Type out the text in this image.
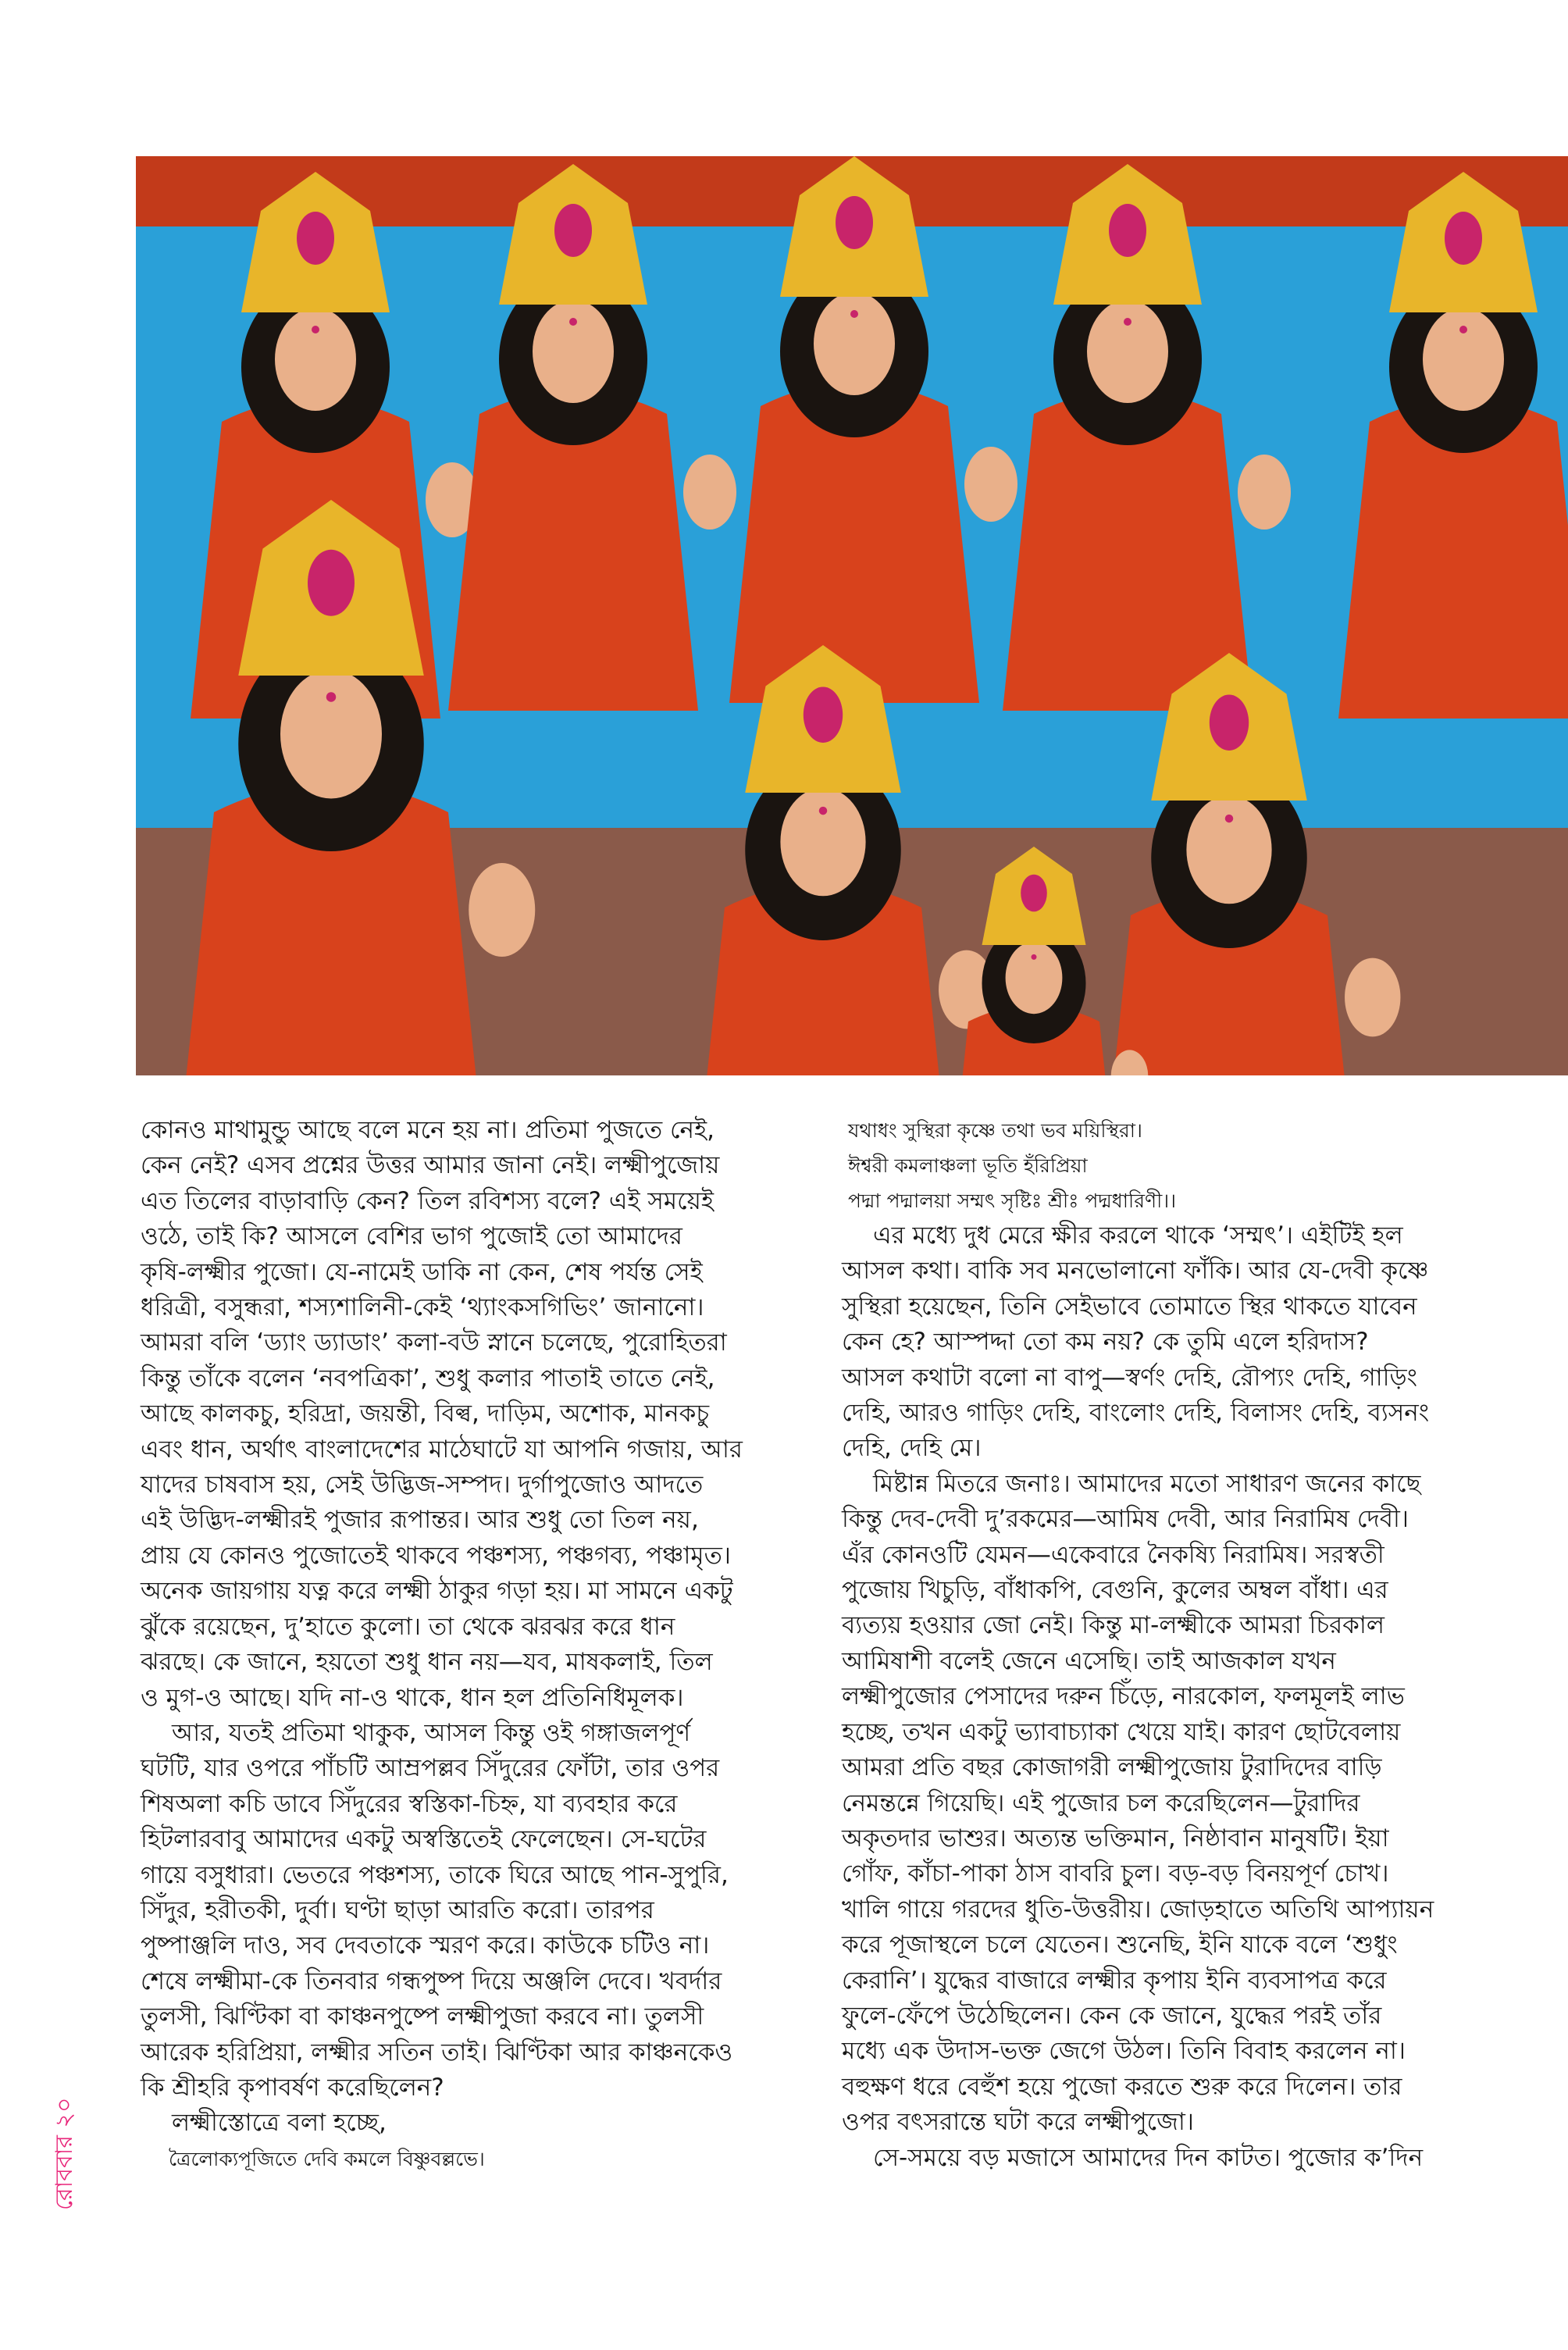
কোনও মাথামুন্ডু আছে বলে মনে হয় না। প্রতিমা পুজতে নেই,
কেন নেই? এসব প্রশ্নের উত্তর আমার জানা নেই। লক্ষ্মীপুজোয়
এত তিলের বাড়াবাড়ি কেন? তিল রবিশস্য বলে? এই সময়েই
ওঠে, তাই কি? আসলে বেশির ভাগ পুজোই তো আমাদের
কৃষি-লক্ষ্মীর পুজো। যে-নামেই ডাকি না কেন, শেষ পর্যন্ত সেই
ধরিত্রী, বসুন্ধরা, শস্যশালিনী-কেই ‘থ্যাংকসগিভিং’ জানানো।
আমরা বলি ‘ড্যাং ড্যাডাং’ কলা-বউ স্নানে চলেছে, পুরোহিতরা
কিন্তু তাঁকে বলেন ‘নবপত্রিকা’, শুধু কলার পাতাই তাতে নেই,
আছে কালকচু, হরিদ্রা, জয়ন্তী, বিল্ব, দাড়িম, অশোক, মানকচু
এবং ধান, অর্থাৎ বাংলাদেশের মাঠেঘাটে যা আপনি গজায়, আর
যাদের চাষবাস হয়, সেই উদ্ভিজ-সম্পদ। দুর্গাপুজোও আদতে
এই উদ্ভিদ-লক্ষ্মীরই পুজার রূপান্তর। আর শুধু তো তিল নয়,
প্রায় যে কোনও পুজোতেই থাকবে পঞ্চশস্য, পঞ্চগব্য, পঞ্চামৃত।
অনেক জায়গায় যত্ন করে লক্ষ্মী ঠাকুর গড়া হয়। মা সামনে একটু
ঝুঁকে রয়েছেন, দু’হাতে কুলো। তা থেকে ঝরঝর করে ধান
ঝরছে। কে জানে, হয়তো শুধু ধান নয়—যব, মাষকলাই, তিল
ও মুগ-ও আছে। যদি না-ও থাকে, ধান হল প্রতিনিধিমূলক।
আর, যতই প্রতিমা থাকুক, আসল কিন্তু ওই গঙ্গাজলপূর্ণ
ঘটটি, যার ওপরে পাঁচটি আম্রপল্লব সিঁদুরের ফোঁটা, তার ওপর
শিষঅলা কচি ডাবে সিঁদুরের স্বস্তিকা-চিহ্ন, যা ব্যবহার করে
হিটলারবাবু আমাদের একটু অস্বস্তিতেই ফেলেছেন। সে-ঘটের
গায়ে বসুধারা। ভেতরে পঞ্চশস্য, তাকে ঘিরে আছে পান-সুপুরি,
সিঁদুর, হরীতকী, দুর্বা। ঘণ্টা ছাড়া আরতি করো। তারপর
পুষ্পাঞ্জলি দাও, সব দেবতাকে স্মরণ করে। কাউকে চটিও না।
শেষে লক্ষ্মীমা-কে তিনবার গন্ধপুষ্প দিয়ে অঞ্জলি দেবে। খবর্দার
তুলসী, ঝিণ্টিকা বা কাঞ্চনপুষ্পে লক্ষ্মীপুজা করবে না। তুলসী
আরেক হরিপ্রিয়া, লক্ষ্মীর সতিন তাই। ঝিণ্টিকা আর কাঞ্চনকেও
কি শ্রীহরি কৃপাবর্ষণ করেছিলেন?
লক্ষ্মীস্তোত্রে বলা হচ্ছে,
ত্রৈলোক্যপূজিতে দেবি কমলে বিষ্ণুবল্লভে।
যথাধং সুস্থিরা কৃষ্ণে তথা ভব ময়িস্থিরা।
ঈশ্বরী কমলাঞ্চলা ভূতি হঁরিপ্রিয়া
পদ্মা পদ্মালয়া সম্মৎ সৃষ্টিঃ শ্রীঃ পদ্মধারিণী।।
এর মধ্যে দুধ মেরে ক্ষীর করলে থাকে ‘সম্মৎ’। এইটিই হল
আসল কথা। বাকি সব মনভোলানো ফাঁকি। আর যে-দেবী কৃষ্ণে
সুস্থিরা হয়েছেন, তিনি সেইভাবে তোমাতে স্থির থাকতে যাবেন
কেন হে? আস্পদ্দা তো কম নয়? কে তুমি এলে হরিদাস?
আসল কথাটা বলো না বাপু—স্বর্ণং দেহি, রৌপ্যং দেহি, গাড়িং
দেহি, আরও গাড়িং দেহি, বাংলোং দেহি, বিলাসং দেহি, ব্যসনং
দেহি, দেহি মে।
মিষ্টান্ন মিতরে জনাঃ। আমাদের মতো সাধারণ জনের কাছে
কিন্তু দেব-দেবী দু’রকমের—আমিষ দেবী, আর নিরামিষ দেবী।
এঁর কোনওটি যেমন—একেবারে নৈকষ্যি নিরামিষ। সরস্বতী
পুজোয় খিচুড়ি, বাঁধাকপি, বেগুনি, কুলের অম্বল বাঁধা। এর
ব্যত্যয় হওয়ার জো নেই। কিন্তু মা-লক্ষ্মীকে আমরা চিরকাল
আমিষাশী বলেই জেনে এসেছি। তাই আজকাল যখন
লক্ষ্মীপুজোর পেসাদের দরুন চিঁড়ে, নারকোল, ফলমূলই লাভ
হচ্ছে, তখন একটু ভ্যাবাচ্যাকা খেয়ে যাই। কারণ ছোটবেলায়
আমরা প্রতি বছর কোজাগরী লক্ষ্মীপুজোয় টুরাদিদের বাড়ি
নেমন্তন্নে গিয়েছি। এই পুজোর চল করেছিলেন—টুরাদির
অকৃতদার ভাশুর। অত্যন্ত ভক্তিমান, নিষ্ঠাবান মানুষটি। ইয়া
গোঁফ, কাঁচা-পাকা ঠাস বাবরি চুল। বড়-বড় বিনয়পূর্ণ চোখ।
খালি গায়ে গরদের ধুতি-উত্তরীয়। জোড়হাতে অতিথি আপ্যায়ন
করে পূজাস্থলে চলে যেতেন। শুনেছি, ইনি যাকে বলে ‘শুধুং
কেরানি’। যুদ্ধের বাজারে লক্ষ্মীর কৃপায় ইনি ব্যবসাপত্র করে
ফুলে-ফেঁপে উঠেছিলেন। কেন কে জানে, যুদ্ধের পরই তাঁর
মধ্যে এক উদাস-ভক্ত জেগে উঠল। তিনি বিবাহ করলেন না।
বহুক্ষণ ধরে বেহুঁশ হয়ে পুজো করতে শুরু করে দিলেন। তার
ওপর বৎসরান্তে ঘটা করে লক্ষ্মীপুজো।
সে-সময়ে বড় মজাসে আমাদের দিন কাটত। পুজোর ক’দিন
রোববার ২০
